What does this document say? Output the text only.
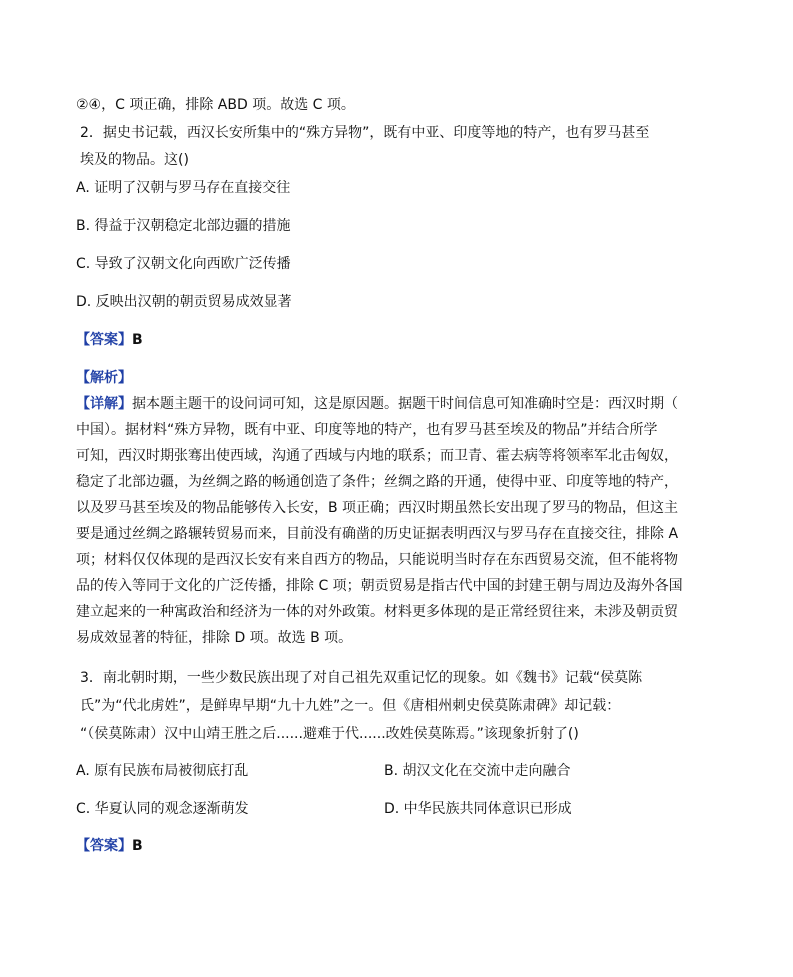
②④，C 项正确，排除 ABD 项。故选 C 项。
2．据史书记载，西汉长安所集中的“殊方异物”，既有中亚、印度等地的特产，也有罗马甚至
埃及的物品。这()
A. 证明了汉朝与罗马存在直接交往
B. 得益于汉朝稳定北部边疆的措施
C. 导致了汉朝文化向西欧广泛传播
D. 反映出汉朝的朝贡贸易成效显著
【答案】B
【解析】
【详解】据本题主题干的设问词可知，这是原因题。据题干时间信息可知准确时空是：西汉时期（
中国）。据材料“殊方异物，既有中亚、印度等地的特产，也有罗马甚至埃及的物品”并结合所学
可知，西汉时期张骞出使西域，沟通了西域与内地的联系；而卫青、霍去病等将领率军北击匈奴，
稳定了北部边疆，为丝绸之路的畅通创造了条件；丝绸之路的开通，使得中亚、印度等地的特产，
以及罗马甚至埃及的物品能够传入长安，B 项正确；西汉时期虽然长安出现了罗马的物品，但这主
要是通过丝绸之路辗转贸易而来，目前没有确凿的历史证据表明西汉与罗马存在直接交往，排除 A
项；材料仅仅体现的是西汉长安有来自西方的物品，只能说明当时存在东西贸易交流，但不能将物
品的传入等同于文化的广泛传播，排除 C 项；朝贡贸易是指古代中国的封建王朝与周边及海外各国
建立起来的一种寓政治和经济为一体的对外政策。材料更多体现的是正常经贸往来，未涉及朝贡贸
易成效显著的特征，排除 D 项。故选 B 项。
3．南北朝时期，一些少数民族出现了对自己祖先双重记忆的现象。如《魏书》记载“侯莫陈
氏”为“代北虏姓”，是鲜卑早期“九十九姓”之一。但《唐相州刺史侯莫陈肃碑》却记载：
“（侯莫陈肃）汉中山靖王胜之后......避难于代......改姓侯莫陈焉。”该现象折射了()
A. 原有民族布局被彻底打乱	B. 胡汉文化在交流中走向融合
C. 华夏认同的观念逐渐萌发	D. 中华民族共同体意识已形成
【答案】B
